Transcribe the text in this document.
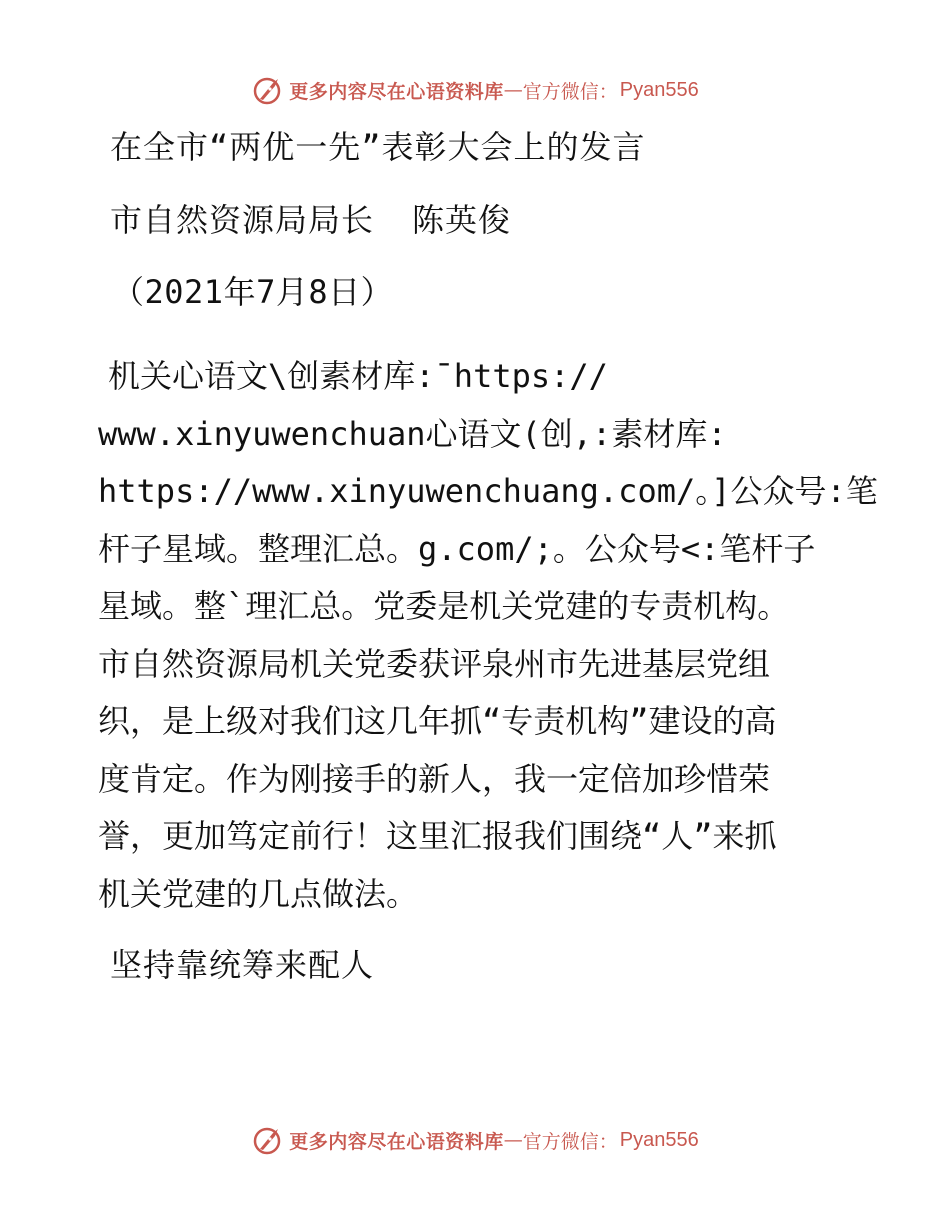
更多内容尽在心语资料库 — 官方微信： Pyan556
在全市“两优一先”表彰大会上的发言
市自然资源局局长 陈英俊
（2021年7月8日）
机关心语文\创素材库:¯https://
www.xinyuwenchuan心语文(创,:素材库:
https://www.xinyuwenchuang.com/。]公众号:笔
杆子星域。整理汇总。g.com/;。公众号<:笔杆子
星域。整`理汇总。党委是机关党建的专责机构。
市自然资源局机关党委获评泉州市先进基层党组
织，是上级对我们这几年抓“专责机构”建设的高
度肯定。作为刚接手的新人，我一定倍加珍惜荣
誉，更加笃定前行！这里汇报我们围绕“人”来抓
机关党建的几点做法。
坚持靠统筹来配人
更多内容尽在心语资料库 — 官方微信： Pyan556
